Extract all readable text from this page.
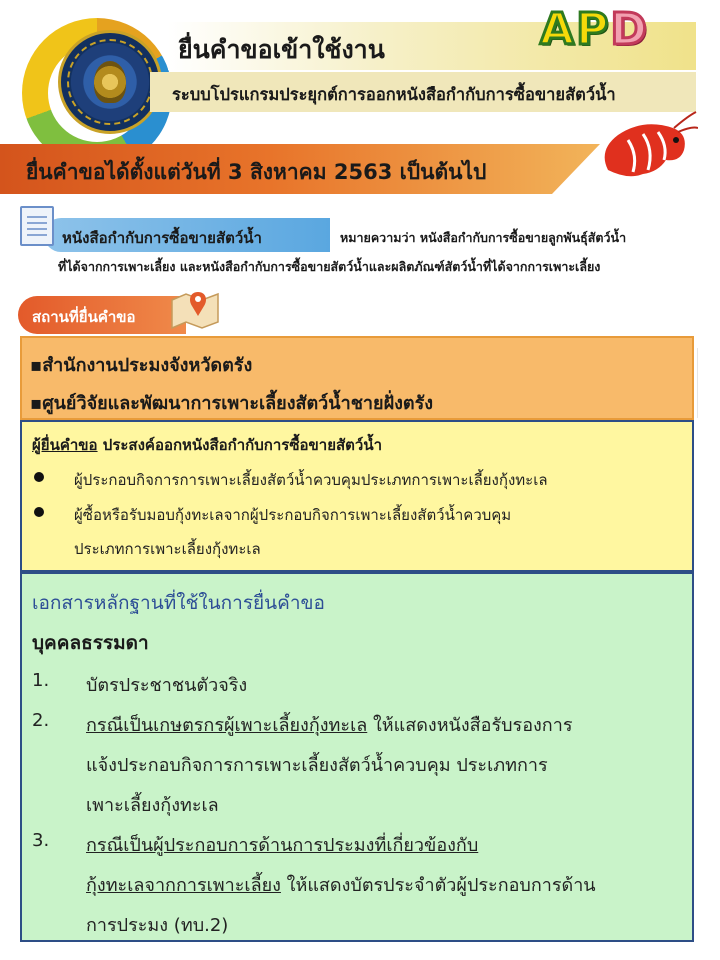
ยื่นคำขอเข้าใช้งาน	A P D
ระบบโปรแกรมประยุกต์การออกหนังสือกำกับการซื้อขายสัตว์น้ำ
ยื่นคำขอได้ตั้งแต่วันที่ 3 สิงหาคม 2563 เป็นต้นไป
หนังสือกำกับการซื้อขายสัตว์น้ำ	หมายความว่า หนังสือกำกับการซื้อขายลูกพันธุ์สัตว์น้ำ
ที่ได้จากการเพาะเลี้ยง และหนังสือกำกับการซื้อขายสัตว์น้ำและผลิตภัณฑ์สัตว์น้ำที่ได้จากการเพาะเลี้ยง
สถานที่ยื่นคำขอ
▪สำนักงานประมงจังหวัดตรัง
▪ศูนย์วิจัยและพัฒนาการเพาะเลี้ยงสัตว์น้ำชายฝั่งตรัง
ผู้ยื่นคำขอ ประสงค์ออกหนังสือกำกับการซื้อขายสัตว์น้ำ
ผู้ประกอบกิจการการเพาะเลี้ยงสัตว์น้ำควบคุมประเภทการเพาะเลี้ยงกุ้งทะเล
ผู้ซื้อหรือรับมอบกุ้งทะเลจากผู้ประกอบกิจการเพาะเลี้ยงสัตว์น้ำควบคุม
ประเภทการเพาะเลี้ยงกุ้งทะเล
เอกสารหลักฐานที่ใช้ในการยื่นคำขอ
บุคคลธรรมดา
1. บัตรประชาชนตัวจริง
2. กรณีเป็นเกษตรกรผู้เพาะเลี้ยงกุ้งทะเล ให้แสดงหนังสือรับรองการ
แจ้งประกอบกิจการการเพาะเลี้ยงสัตว์น้ำควบคุม ประเภทการ
เพาะเลี้ยงกุ้งทะเล
3. กรณีเป็นผู้ประกอบการด้านการประมงที่เกี่ยวข้องกับ
กุ้งทะเลจากการเพาะเลี้ยง ให้แสดงบัตรประจำตัวผู้ประกอบการด้าน
การประมง (ทบ.2)
